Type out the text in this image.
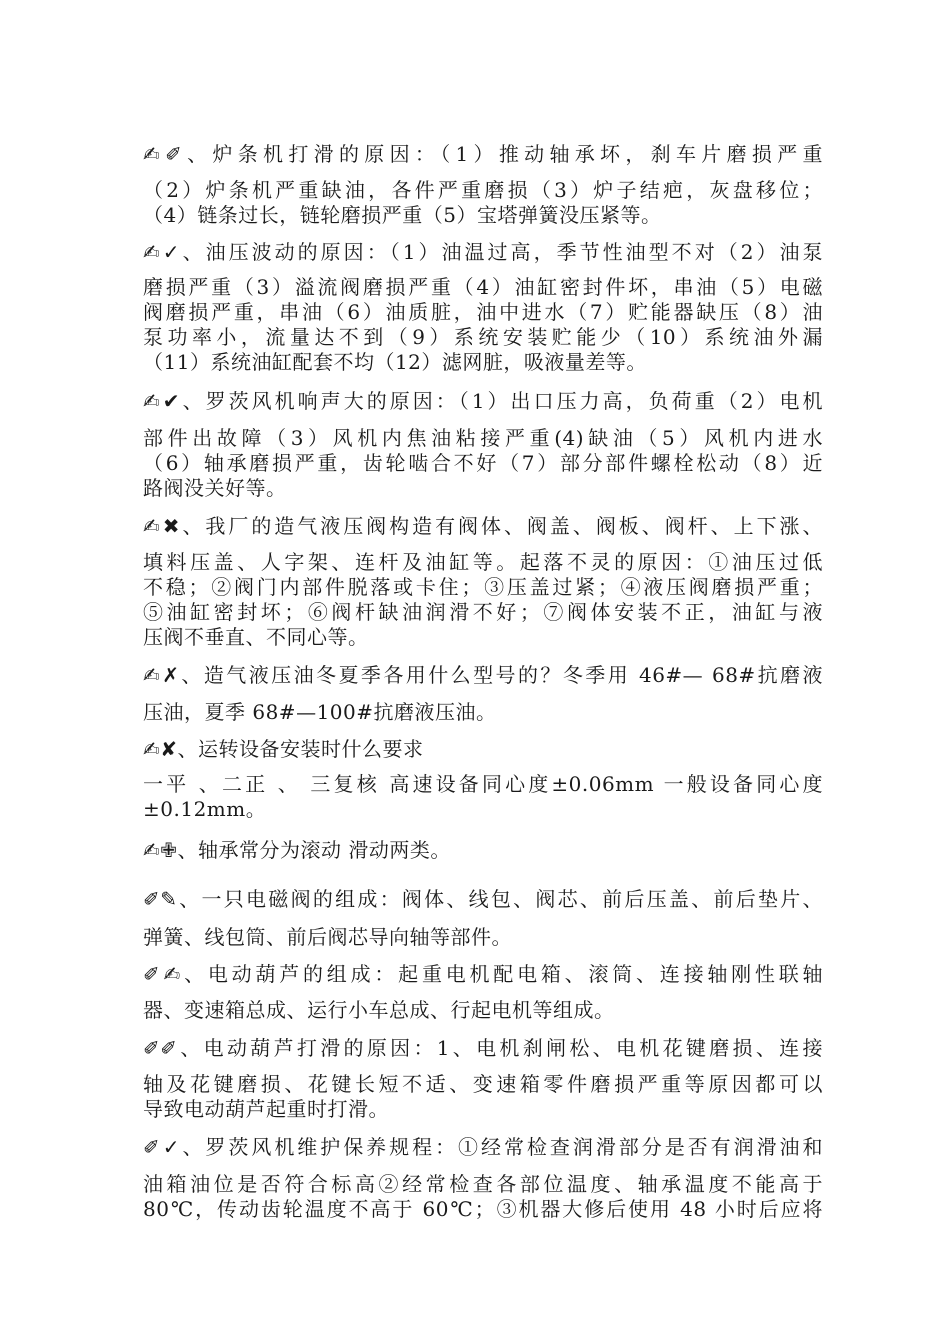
✍✐、炉条机打滑的原因：（1）推动轴承坏，刹车片磨损严重
（2）炉条机严重缺油，各件严重磨损（3）炉子结疤，灰盘移位；
（4）链条过长，链轮磨损严重（5）宝塔弹簧没压紧等。
✍✓、油压波动的原因：（1）油温过高，季节性油型不对（2）油泵
磨损严重（3）溢流阀磨损严重（4）油缸密封件坏，串油（5）电磁
阀磨损严重，串油（6）油质脏，油中进水（7）贮能器缺压（8）油
泵功率小，流量达不到（9）系统安装贮能少（10）系统油外漏
（11）系统油缸配套不均（12）滤网脏，吸液量差等。
✍✔、罗茨风机响声大的原因：（1）出口压力高，负荷重（2）电机
部件出故障（3）风机内焦油粘接严重(4)缺油（5）风机内进水
（6）轴承磨损严重，齿轮啮合不好（7）部分部件螺栓松动（8）近
路阀没关好等。
✍✖、我厂的造气液压阀构造有阀体、阀盖、阀板、阀杆、上下涨、
填料压盖、人字架、连杆及油缸等。起落不灵的原因：①油压过低
不稳；②阀门内部件脱落或卡住；③压盖过紧；④液压阀磨损严重；
⑤油缸密封坏；⑥阀杆缺油润滑不好；⑦阀体安装不正，油缸与液
压阀不垂直、不同心等。
✍✗、造气液压油冬夏季各用什么型号的？冬季用 46#— 68#抗磨液
压油，夏季 68#—100#抗磨液压油。
✍✘、运转设备安装时什么要求
一平 、二正 、 三复核 高速设备同心度±0.06mm 一般设备同心度
±0.12mm。
✍✙、轴承常分为滚动 滑动两类。
✐✎、一只电磁阀的组成：阀体、线包、阀芯、前后压盖、前后垫片、
弹簧、线包筒、前后阀芯导向轴等部件。
✐✍、电动葫芦的组成：起重电机配电箱、滚筒、连接轴刚性联轴
器、变速箱总成、运行小车总成、行起电机等组成。
✐✐、电动葫芦打滑的原因：1、电机刹闸松、电机花键磨损、连接
轴及花键磨损、花键长短不适、变速箱零件磨损严重等原因都可以
导致电动葫芦起重时打滑。
✐✓、罗茨风机维护保养规程：①经常检查润滑部分是否有润滑油和
油箱油位是否符合标高②经常检查各部位温度、轴承温度不能高于
80℃，传动齿轮温度不高于 60℃；③机器大修后使用 48 小时后应将
